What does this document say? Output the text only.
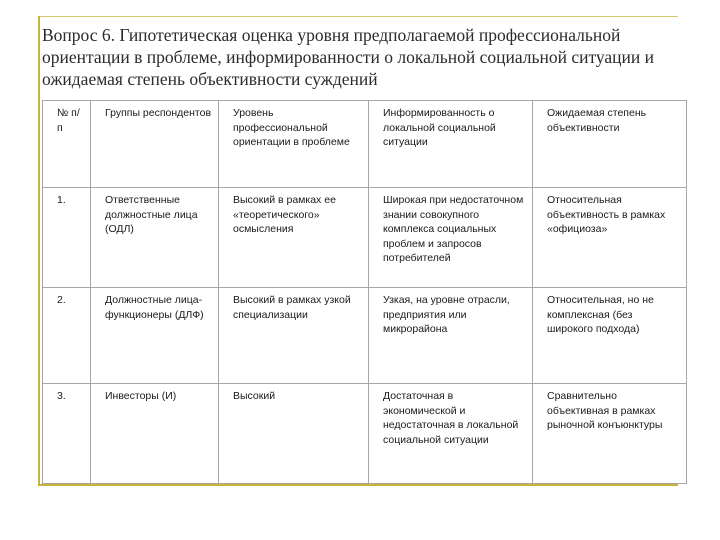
Вопрос 6. Гипотетическая оценка уровня предполагаемой профессиональной ориентации в проблеме, информированности о локальной социальной ситуации и ожидаемая степень объективности суждений
№ п/п	Группы респондентов	Уровень профессиональной ориентации в проблеме	Информированность о локальной социальной ситуации	Ожидаемая степень объективности
1.	Ответственные должностные лица (ОДЛ)	Высокий в рамках ее «теоретического» осмысления	Широкая при недостаточном знании совокупного комплекса социальных проблем и запросов потребителей	Относительная объективность в рамках «официоза»
2.	Должностные лица-функционеры (ДЛФ)	Высокий в рамках узкой специализации	Узкая, на уровне отрасли, предприятия или микрорайона	Относительная, но не комплексная (без широкого подхода)
3.	Инвесторы (И)	Высокий	Достаточная в экономической и недостаточная в локальной социальной ситуации	Сравнительно объективная в рамках рыночной конъюнктуры
